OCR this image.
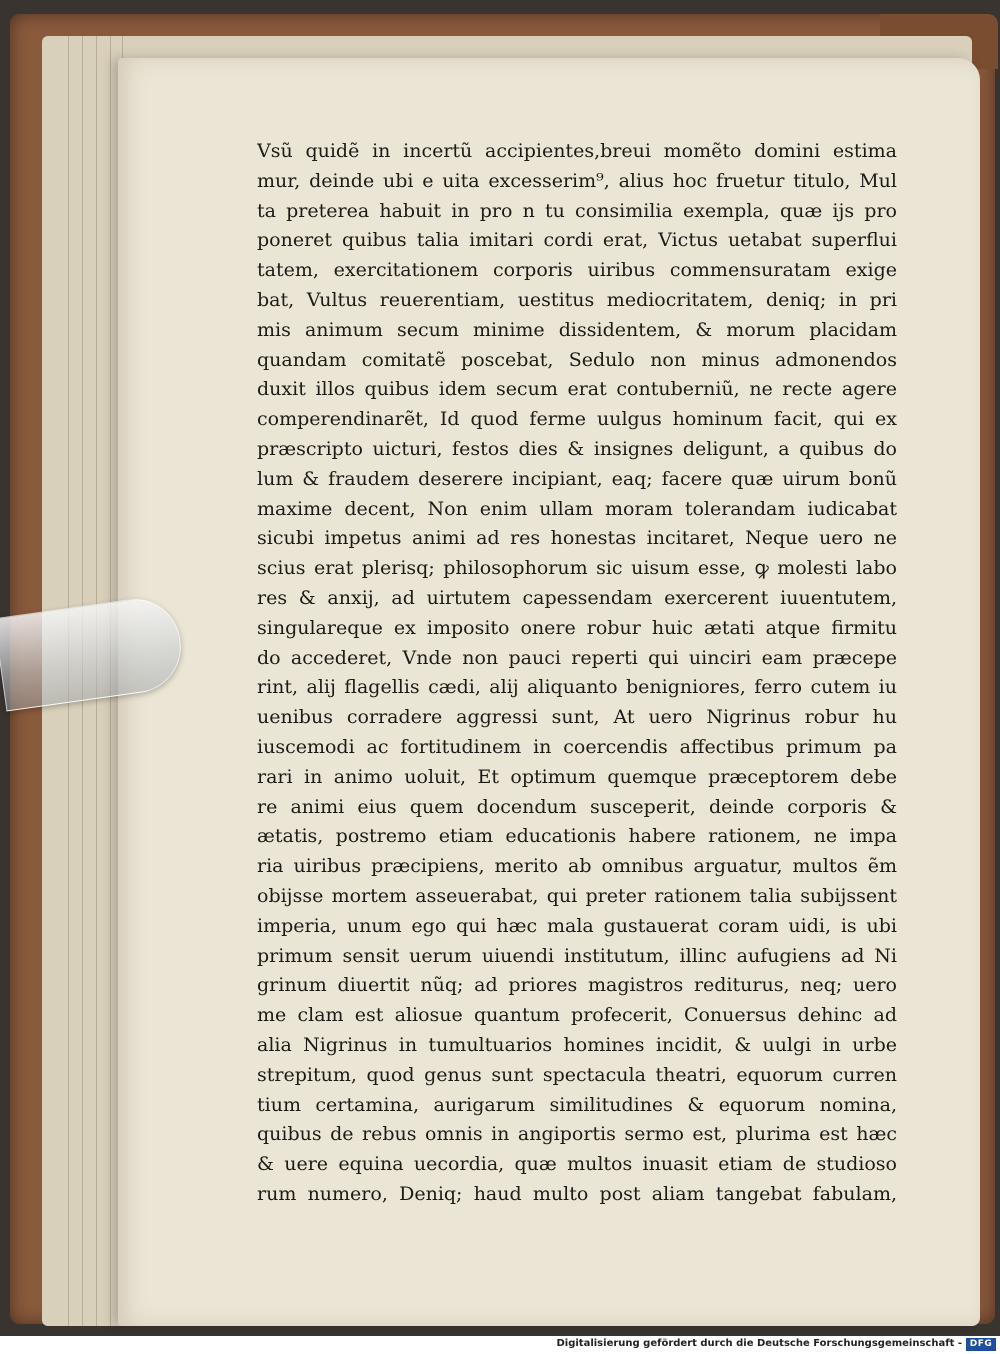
Vsũ quidẽ in incertũ accipientes,breui momẽto domini estima
mur, deinde ubi e uita excesserim⁹, alius hoc fruetur titulo, Mul
ta preterea habuit in pro n tu consimilia exempla, quæ ijs pro
poneret quibus talia imitari cordi erat, Victus uetabat superflui
tatem, exercitationem corporis uiribus commensuratam exige
bat, Vultus reuerentiam, uestitus mediocritatem, deniq; in pri
mis animum secum minime dissidentem, & morum placidam
quandam comitatẽ poscebat, Sedulo non minus admonendos
duxit illos quibus idem secum erat contuberniũ, ne recte agere
comperendinarẽt, Id quod ferme uulgus hominum facit, qui ex
præscripto uicturi, festos dies & insignes deligunt, a quibus do
lum & fraudem deserere incipiant, eaq; facere quæ uirum bonũ
maxime decent, Non enim ullam moram tolerandam iudicabat
sicubi impetus animi ad res honestas incitaret, Neque uero ne
scius erat plerisq; philosophorum sic uisum esse, ꝙ molesti labo
res & anxij, ad uirtutem capessendam exercerent iuuentutem,
singulareque ex imposito onere robur huic ætati atque firmitu
do accederet, Vnde non pauci reperti qui uinciri eam præcepe
rint, alij flagellis cædi, alij aliquanto benigniores, ferro cutem iu
uenibus corradere aggressi sunt, At uero Nigrinus robur hu
iuscemodi ac fortitudinem in coercendis affectibus primum pa
rari in animo uoluit, Et optimum quemque præceptorem debe
re animi eius quem docendum susceperit, deinde corporis &
ætatis, postremo etiam educationis habere rationem, ne impa
ria uiribus præcipiens, merito ab omnibus arguatur, multos ẽm
obijsse mortem asseuerabat, qui preter rationem talia subijssent
imperia, unum ego qui hæc mala gustauerat coram uidi, is ubi
primum sensit uerum uiuendi institutum, illinc aufugiens ad Ni
grinum diuertit nũq; ad priores magistros rediturus, neq; uero
me clam est aliosue quantum profecerit, Conuersus dehinc ad
alia Nigrinus in tumultuarios homines incidit, & uulgi in urbe
strepitum, quod genus sunt spectacula theatri, equorum curren
tium certamina, aurigarum similitudines & equorum nomina,
quibus de rebus omnis in angiportis sermo est, plurima est hæc
& uere equina uecordia, quæ multos inuasit etiam de studioso
rum numero, Deniq; haud multo post aliam tangebat fabulam,
Digitalisierung gefördert durch die Deutsche Forschungsgemeinschaft - DFG
